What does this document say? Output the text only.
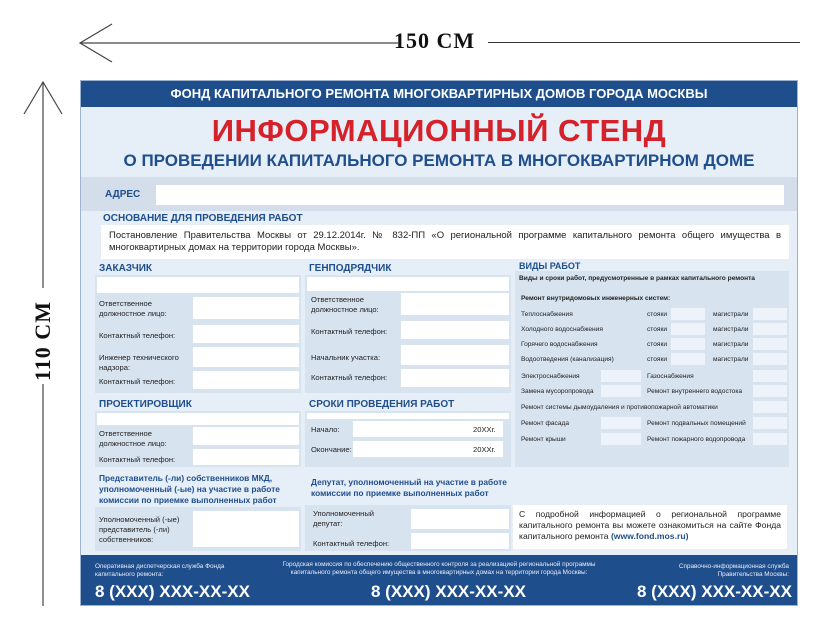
150 СМ
110 СМ
ФОНД КАПИТАЛЬНОГО РЕМОНТА МНОГОКВАРТИРНЫХ ДОМОВ ГОРОДА МОСКВЫ
ИНФОРМАЦИОННЫЙ СТЕНД
О ПРОВЕДЕНИИ КАПИТАЛЬНОГО РЕМОНТА В МНОГОКВАРТИРНОМ ДОМЕ
АДРЕС
ОСНОВАНИЕ ДЛЯ ПРОВЕДЕНИЯ РАБОТ
Постановление Правительства Москвы от 29.12.2014г. № 832-ПП «О региональной программе капитального ремонта общего имущества в многоквартирных домах на территории города Москвы».
ЗАКАЗЧИК
Ответственное должностное лицо:
Контактный телефон:
Инженер технического надзора:
Контактный телефон:
ГЕНПОДРЯДЧИК
Ответственное должностное лицо:
Контактный телефон:
Начальник участка:
Контактный телефон:
ПРОЕКТИРОВЩИК
Ответственное должностное лицо:
Контактный телефон:
СРОКИ ПРОВЕДЕНИЯ РАБОТ
Начало:	20XXг.
Окончание:	20XXг.
Представитель (-ли) собственников МКД, уполномоченный (-ые) на участие в работе комиссии по приемке выполненных работ
Уполномоченный (-ые) представитель (-ли) собственников:
Депутат, уполномоченный на участие в работе комиссии по приемке выполненных работ
Уполномоченный депутат:
Контактный телефон:
ВИДЫ РАБОТ
Виды и сроки работ, предусмотренные в рамках капитального ремонта
Ремонт внутридомовых инженерных систем:
Теплоснабжения	стояки	магистрали
Холодного водоснабжения	стояки	магистрали
Горячего водоснабжения	стояки	магистрали
Водоотведения (канализация)	стояки	магистрали
Электроснабжения	Газоснабжения
Замена мусоропровода	Ремонт внутреннего водостока
Ремонт системы дымоудаления и противопожарной автоматики
Ремонт фасада	Ремонт подвальных помещений
Ремонт крыши	Ремонт пожарного водопровода
С подробной информацией о региональной программе капитального ремонта вы можете ознакомиться на сайте Фонда капитального ремонта (www.fond.mos.ru)
Оперативная диспетчерская служба Фонда капитального ремонта:
8 (XXX) XXX-XX-XX
Городская комиссия по обеспечению общественного контроля за реализацией региональной программы капитального ремонта общего имущества в многоквартирных домах на территории города Москвы:
8 (XXX) XXX-XX-XX
Справочно-информационная служба Правительства Москвы:
8 (XXX) XXX-XX-XX
